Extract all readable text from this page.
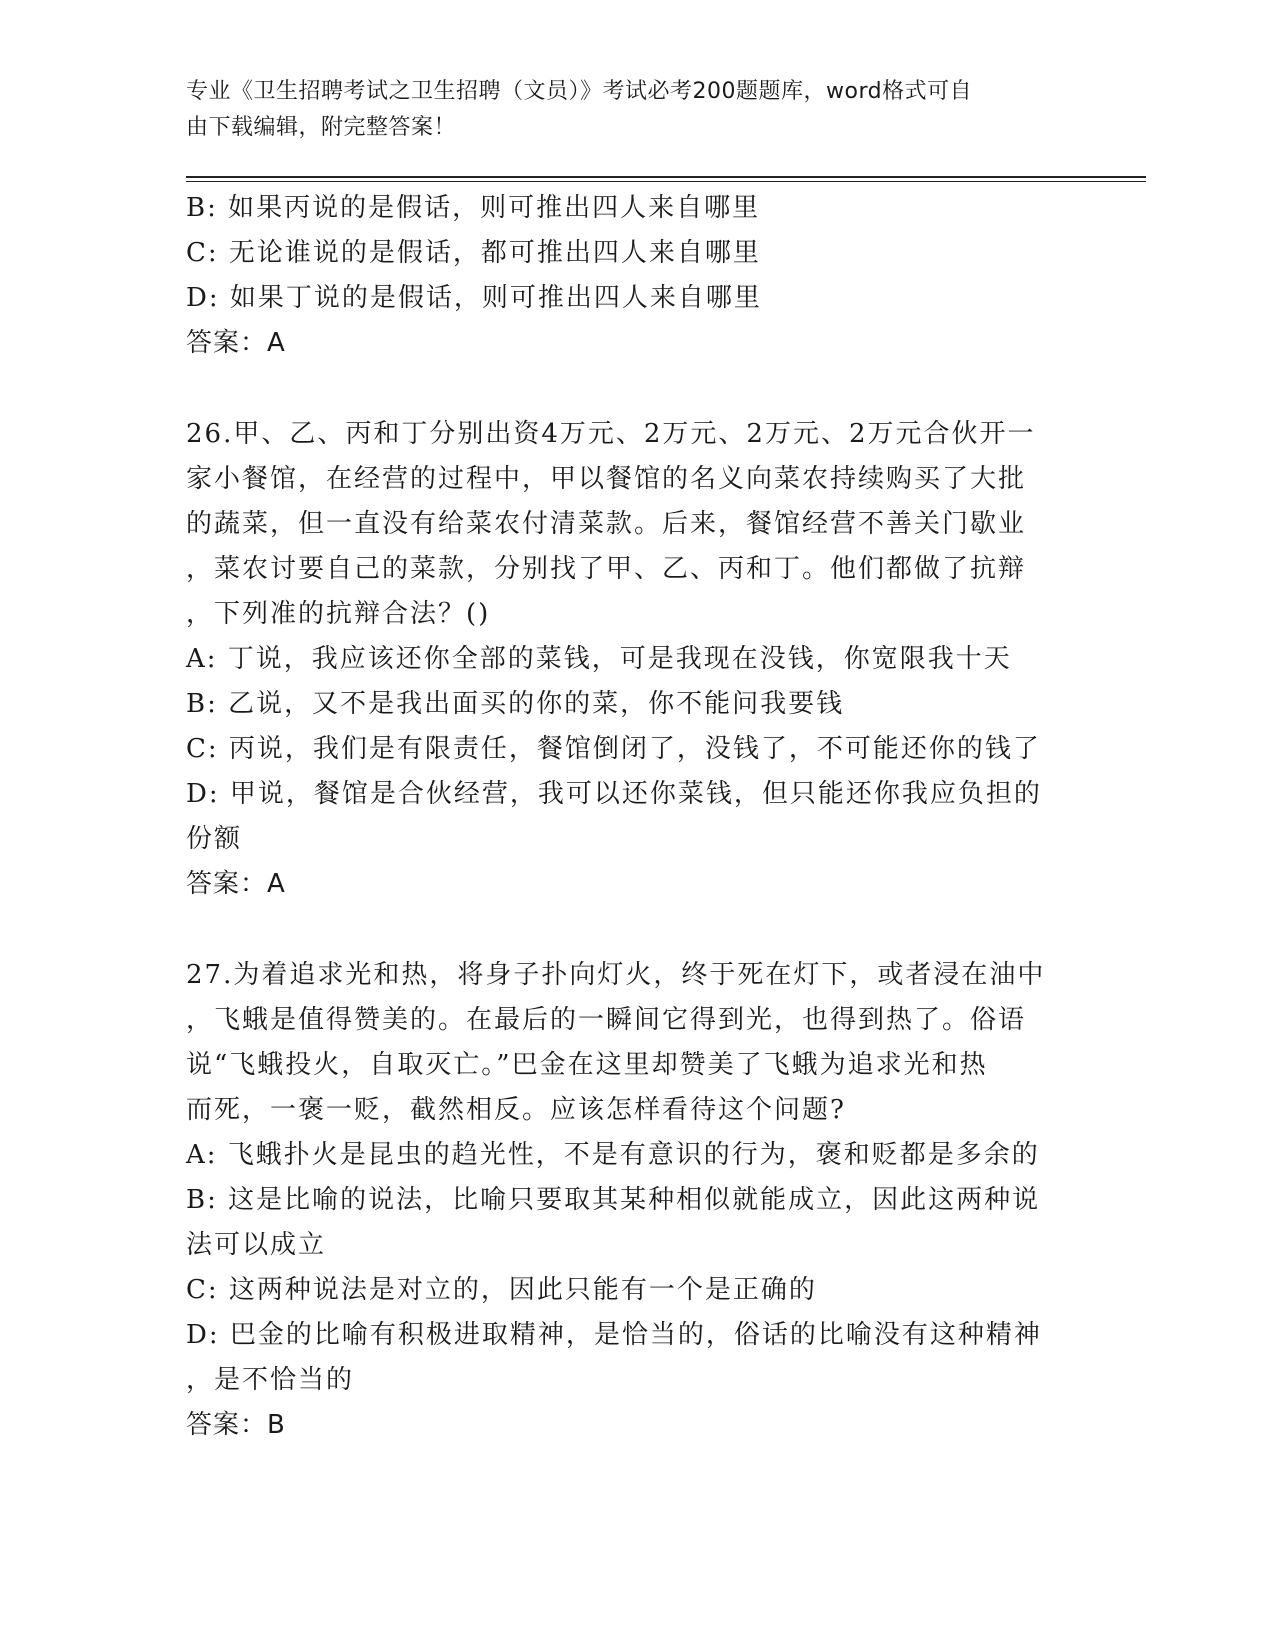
专业《卫生招聘考试之卫生招聘（文员）》考试必考200题题库，word格式可自
由下载编辑，附完整答案！
B: 如果丙说的是假话，则可推出四人来自哪里
C: 无论谁说的是假话，都可推出四人来自哪里
D: 如果丁说的是假话，则可推出四人来自哪里
答案：A
26.甲、乙、丙和丁分别出资4万元、2万元、2万元、2万元合伙开一
家小餐馆，在经营的过程中，甲以餐馆的名义向菜农持续购买了大批
的蔬菜，但一直没有给菜农付清菜款。后来，餐馆经营不善关门歇业
，菜农讨要自己的菜款，分别找了甲、乙、丙和丁。他们都做了抗辩
，下列准的抗辩合法？()
A: 丁说，我应该还你全部的菜钱，可是我现在没钱，你宽限我十天
B: 乙说，又不是我出面买的你的菜，你不能问我要钱
C: 丙说，我们是有限责任，餐馆倒闭了，没钱了，不可能还你的钱了
D: 甲说，餐馆是合伙经营，我可以还你菜钱，但只能还你我应负担的
份额
答案：A
27.为着追求光和热，将身子扑向灯火，终于死在灯下，或者浸在油中
，飞蛾是值得赞美的。在最后的一瞬间它得到光，也得到热了。俗语
说“飞蛾投火，自取灭亡。”巴金在这里却赞美了飞蛾为追求光和热
而死，一褒一贬，截然相反。应该怎样看待这个问题?
A: 飞蛾扑火是昆虫的趋光性，不是有意识的行为，褒和贬都是多余的
B: 这是比喻的说法，比喻只要取其某种相似就能成立，因此这两种说
法可以成立
C: 这两种说法是对立的，因此只能有一个是正确的
D: 巴金的比喻有积极进取精神，是恰当的，俗话的比喻没有这种精神
，是不恰当的
答案：B
